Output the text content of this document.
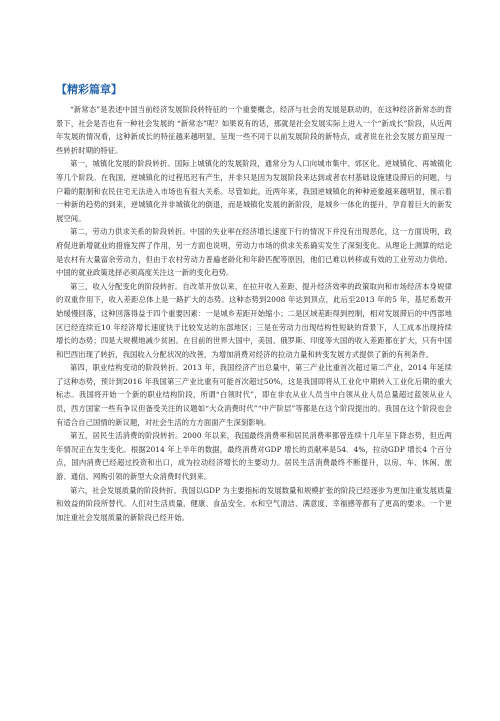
【精彩篇章】

“新常态”是表述中国当前经济发展阶段转特征的一个重要概念，经济与社会的发展是联动的，在这种经济新常态的背景下，社会是否也有一种社会发展的 “新常态”呢？如果说有的话，那就是社会发展实际上进入一个“新成长”阶段，从近两年发展的情况看，这种新成长的特征越来越明显，呈现一些不同于以前发展阶段的新特点，或者说在社会发展方面呈现一些转折时期的特征。

第一，城镇化发展的阶段转折。国际上城镇化的发展阶段，通常分为人口向城市集中、郊区化、逆城镇化、再城镇化等几个阶段。在我国，逆城镇化的过程迅迟有产生，并非只是因为发展阶段来达到或者农村基础设施建设滞后的问题，与户籍的限制和农民住宅无法进入市场也有很大关系。尽管如此，近两年来，我国逆城镇化的种种迹象越来越明显，预示着一种新的趋势的到来，逆城镇化并非城镇化的倒退，而是城镇化发展的新阶段，是城乡一体化的提升，孕育着巨大的新发展空间。

第二，劳动力供求关系的阶段转折。中国的失业率在经济增长速度下行的情况下并没有出现恶化，这一方面说明，政府促进新增就业的措施发挥了作用，另一方面也说明，劳动力市场的供求关系确实发生了深刻变化。从理论上测算的结论是农村有大量富余劳动力，但由于农村劳动力普遍老龄化和年龄匹配等原因，他们已难以转移或有效的工业劳动力供给。中国的就业政策选择必须高度关注这一新的变化趋势。

第三，收入分配变化的阶段转折。自改革开放以来，在拉开收入差距、提升经济效率的政策取向和市场经济本身规律的双重作用下，收入差距总体上是一路扩大的态势。这种态势到2008 年达到顶点，此后至2013 年的5 年，基尼系数开始缓慢回落，这种回落得益于四个重要因素：一是城乡差距开始缩小；二是区域差距得到控制，相对发展滞后的中西部地区已经连续近10 年经济增长速度快于比较发达的东部地区；三是在劳动力出现结构性短缺的背景下，人工成本出现持续增长的态势；四是大规模地减少贫困。在目前的世界大国中，美国、俄罗斯、印度等大国的收入差距都在扩大，只有中国和巴西出现了转折，我国收入分配状况的改善，为增加消费对经济的拉动力量和转变发展方式提供了新的有利条件。

第四，职业结构变动的阶段转折。2013 年，我国经济产出总量中，第三产业比重首次超过第二产业，2014 年延续了这种态势，预计到2016 年我国第三产业比重有可能首次超过50%，这是我国即将从工业化中期转入工业化后期的重大标志。我国将开始一个新的职业结构阶段，所谓“白领时代”，即在非农从业人员当中白领从业人员总量超过蓝领从业人员，西方国家一些有争议但备受关注的议题如“大众消费时代”“中产阶层”等都是在这个阶段提出的。我国在这个阶段也会有适合自己国情的新议题，对社会生活的方方面面产生深刻影响。

第五，居民生活消费的阶段转折。2000 年以来，我国最终消费率和居民消费率都曾连续十几年呈下降态势，但近两年情况正在发生变化。根据2014 年上半年的数据，最终消费对GDP 增长的贡献率是54．4%，拉动GDP 增长4 个百分点，国内消费已经超过投资和出口，成为拉动经济增长的主要动力。居民生活消费最终不断提升，以房、车、休闲、旅游、通信、网购引领的新型大众消费时代到来。

第六，社会发展质量的阶段转折。我国以GDP 为主要指标的发展数量和规模扩张的阶段已经逐步为更加注重发展质量和效益的阶段所替代。人们对生活质量、健康、食品安全、水和空气清洁、满意度、幸福感等都有了更高的要求。一个更加注重社会发展质量的新阶段已经开始。
